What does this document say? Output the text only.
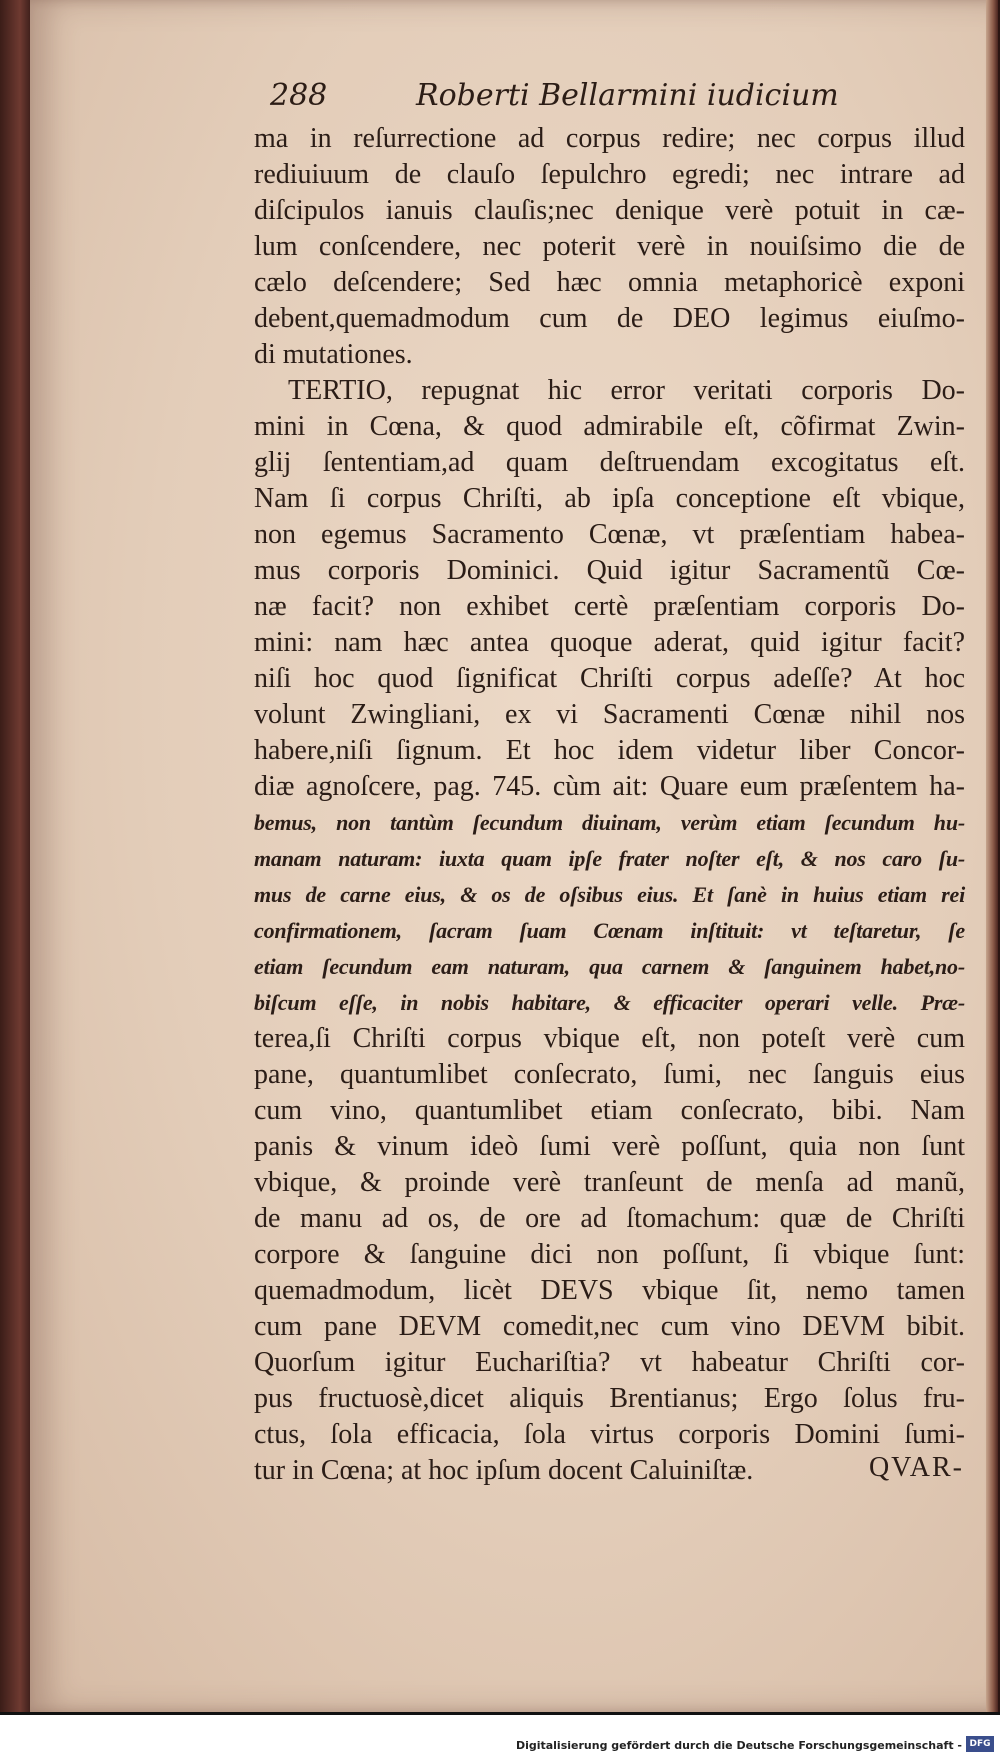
288	Roberti Bellarmini iudicium
ma in reſurrectione ad corpus redire; nec corpus illud
rediuiuum de clauſo ſepulchro egredi; nec intrare ad
diſcipulos ianuis clauſis;nec denique verè potuit in cæ-
lum conſcendere, nec poterit verè in nouiſsimo die de
cælo deſcendere; Sed hæc omnia metaphoricè exponi
debent,quemadmodum cum de DEO legimus eiuſmo-
di mutationes.
TERTIO, repugnat hic error veritati corporis Do-
mini in Cœna, & quod admirabile eſt, cõfirmat Zwin-
glij ſententiam,ad quam deſtruendam excogitatus eſt.
Nam ſi corpus Chriſti, ab ipſa conceptione eſt vbique,
non egemus Sacramento Cœnæ, vt præſentiam habea-
mus corporis Dominici. Quid igitur Sacramentũ Cœ-
næ facit? non exhibet certè præſentiam corporis Do-
mini: nam hæc antea quoque aderat, quid igitur facit?
niſi hoc quod ſignificat Chriſti corpus adeſſe? At hoc
volunt Zwingliani, ex vi Sacramenti Cœnæ nihil nos
habere,niſi ſignum. Et hoc idem videtur liber Concor-
diæ agnoſcere, pag. 745. cùm ait: Quare eum præſentem ha-
bemus, non tantùm ſecundum diuinam, verùm etiam ſecundum hu-
manam naturam: iuxta quam ipſe frater noſter eſt, & nos caro ſu-
mus de carne eius, & os de oſsibus eius. Et ſanè in huius etiam rei
confirmationem, ſacram ſuam Cœnam inſtituit: vt teſtaretur, ſe
etiam ſecundum eam naturam, qua carnem & ſanguinem habet,no-
biſcum eſſe, in nobis habitare, & efficaciter operari velle. Præ-
terea,ſi Chriſti corpus vbique eſt, non poteſt verè cum
pane, quantumlibet conſecrato, ſumi, nec ſanguis eius
cum vino, quantumlibet etiam conſecrato, bibi. Nam
panis & vinum ideò ſumi verè poſſunt, quia non ſunt
vbique, & proinde verè tranſeunt de menſa ad manũ,
de manu ad os, de ore ad ſtomachum: quæ de Chriſti
corpore & ſanguine dici non poſſunt, ſi vbique ſunt:
quemadmodum, licèt DEVS vbique ſit, nemo tamen
cum pane DEVM comedit,nec cum vino DEVM bibit.
Quorſum igitur Euchariſtia? vt habeatur Chriſti cor-
pus fructuosè,dicet aliquis Brentianus; Ergo ſolus fru-
ctus, ſola efficacia, ſola virtus corporis Domini ſumi-
tur in Cœna; at hoc ipſum docent Caluiniſtæ.	QVAR-
Digitalisierung gefördert durch die Deutsche Forschungsgemeinschaft - DFG
